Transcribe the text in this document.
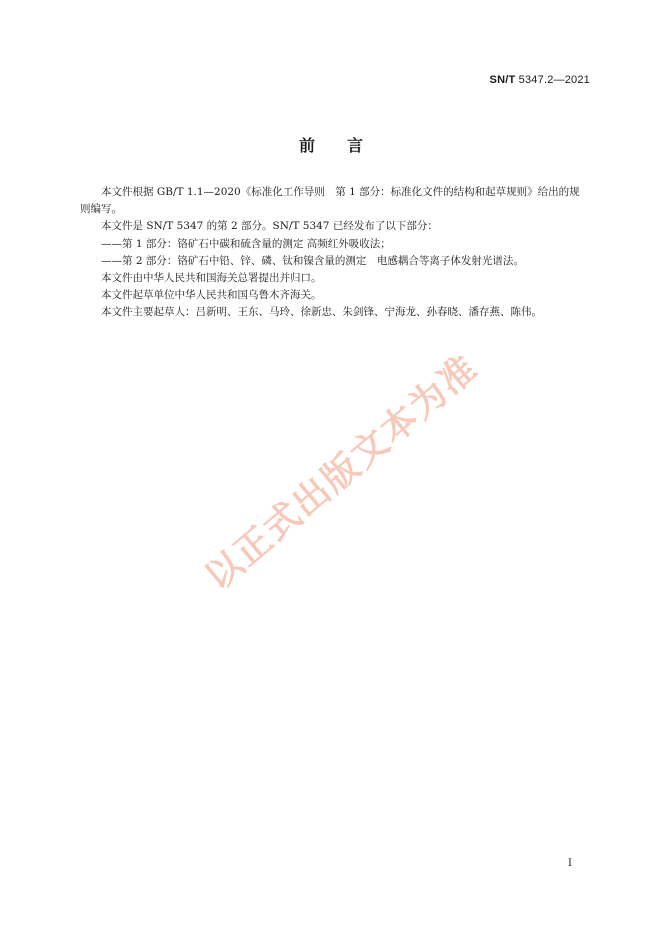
SN/T 5347.2—2021
前言

本文件根据 GB/T 1.1—2020《标准化工作导则　第 1 部分：标准化文件的结构和起草规则》给出的规则编写。

本文件是 SN/T 5347 的第 2 部分。SN/T 5347 已经发布了以下部分：

——第 1 部分：铬矿石中碳和硫含量的测定 高频红外吸收法；

——第 2 部分：铬矿石中铅、锌、磷、钛和镍含量的测定　电感耦合等离子体发射光谱法。

本文件由中华人民共和国海关总署提出并归口。

本文件起草单位中华人民共和国乌鲁木齐海关。

本文件主要起草人：吕新明、王东、马玲、徐新忠、朱剑锋、宁海龙、孙春晓、潘存燕、陈伟。

以正式出版文本为准
I
